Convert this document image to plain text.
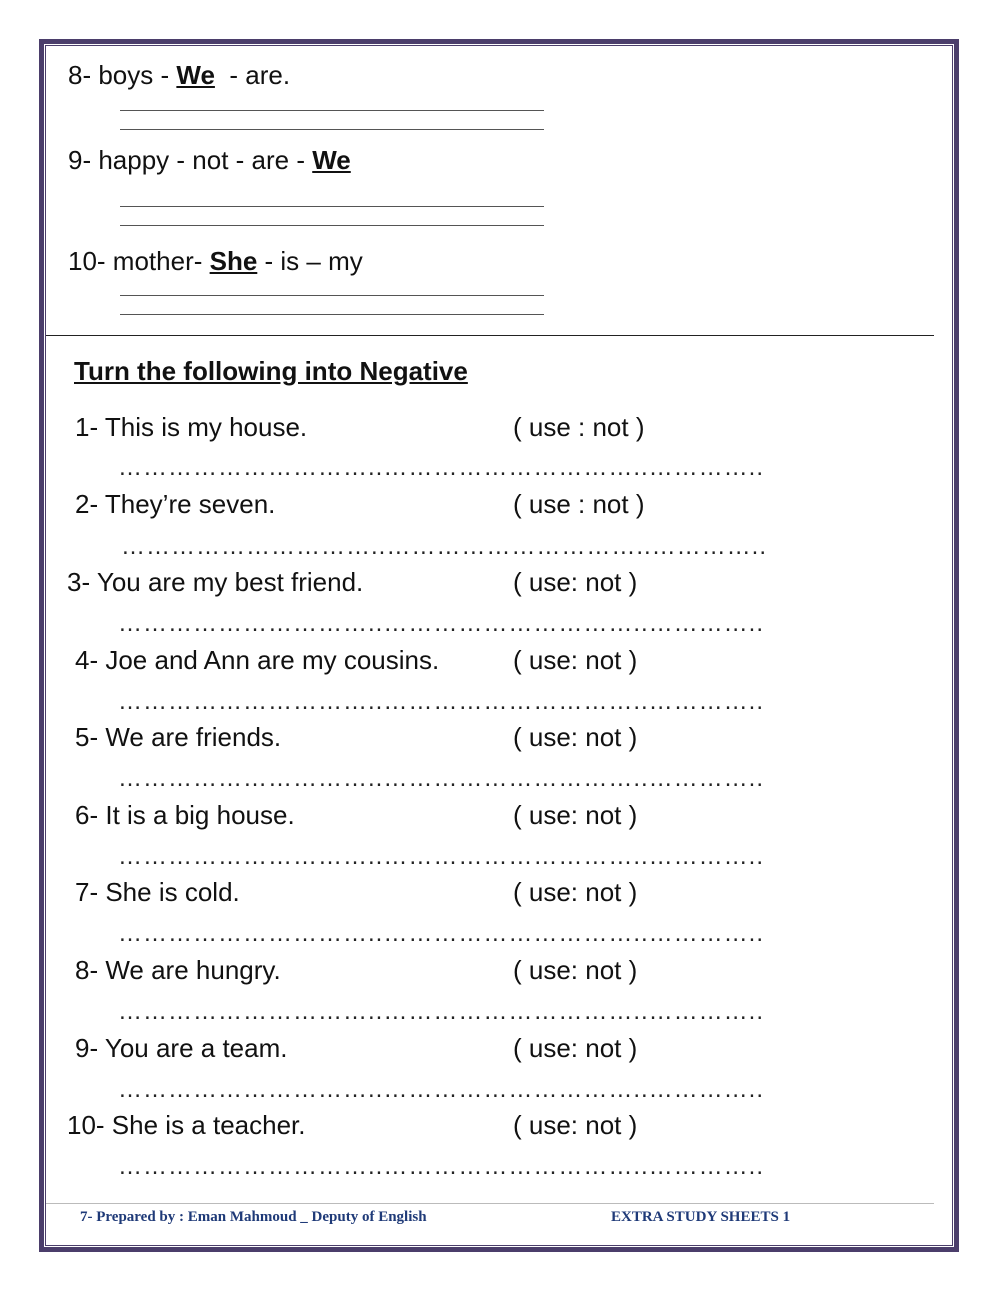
8- boys - We  - are.
9- happy - not - are - We
10- mother- She - is – my
Turn the following into Negative
1- This is my house.	( use : not )
…………………………..…………………………..…………..
2- They’re seven.	( use : not )
…………………………..…………………………..…………..
3- You are my best friend.	( use: not )
…………………………..…………………………..…………..
4- Joe and Ann are my cousins.	( use: not )
…………………………..…………………………..…………..
5- We are friends.	( use: not )
…………………………..…………………………..…………..
6- It is a big house.	( use: not )
…………………………..…………………………..…………..
7- She is cold.	( use: not )
…………………………..…………………………..…………..
8- We are hungry.	( use: not )
…………………………..…………………………..…………..
9- You are a team.	( use: not )
…………………………..…………………………..…………..
10- She is a teacher.	( use: not )
…………………………..…………………………..…………..
7- Prepared by : Eman Mahmoud _ Deputy of English	EXTRA STUDY SHEETS 1
